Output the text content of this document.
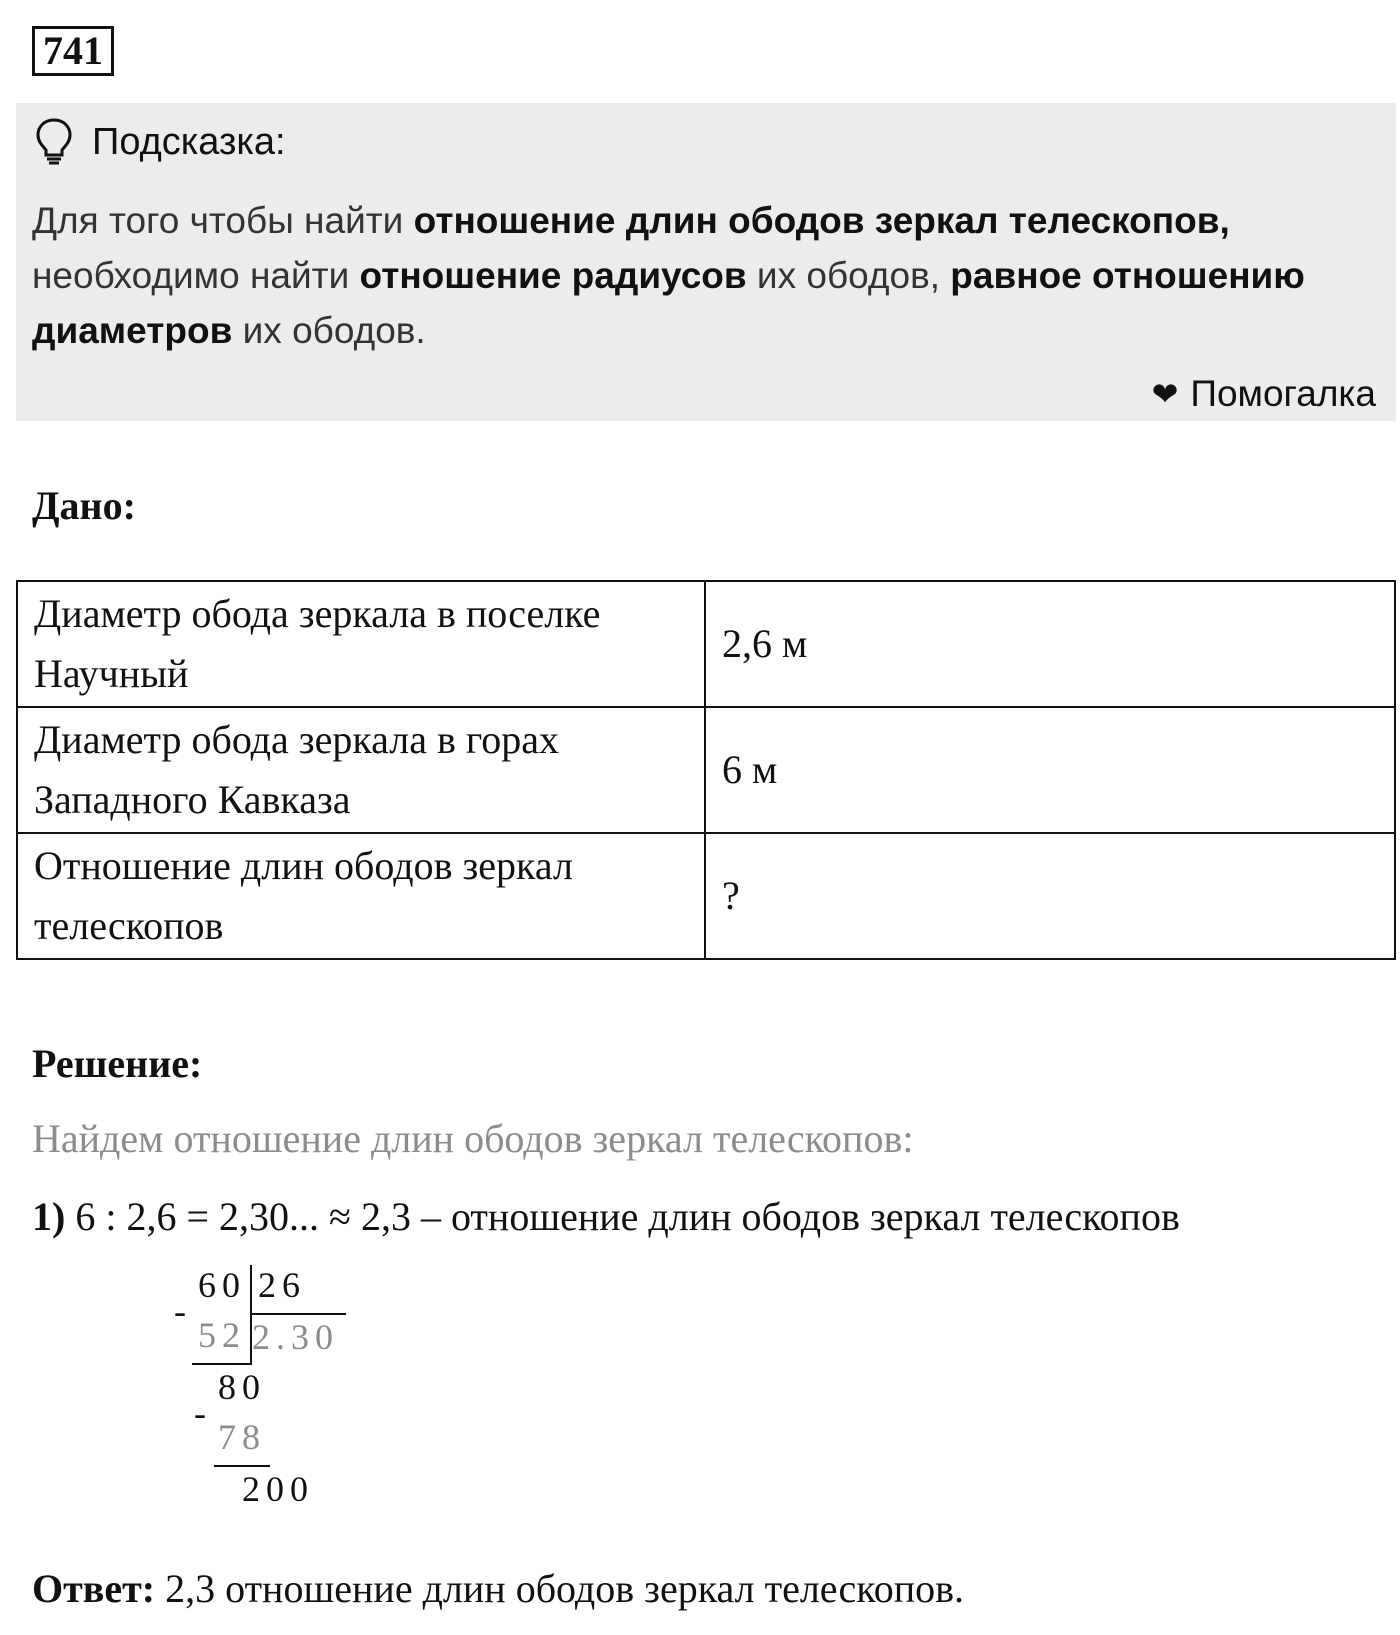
741
Подсказка:
Для того чтобы найти отношение длин ободов зеркал телескопов,
необходимо найти отношение радиусов их ободов, равное отношению диаметров их ободов.
❤ Помогалка
Дано:
Диаметр обода зеркала в поселке Научный	2,6 м
Диаметр обода зеркала в горах Западного Кавказа	6 м
Отношение длин ободов зеркал телескопов	?
Решение:
Найдем отношение длин ободов зеркал телескопов:
1) 6 : 2,6 = 2,30... ≈ 2,3 – отношение длин ободов зеркал телескопов
60 26
-
52 2.30
80
-
78
200
Ответ: 2,3 отношение длин ободов зеркал телескопов.
